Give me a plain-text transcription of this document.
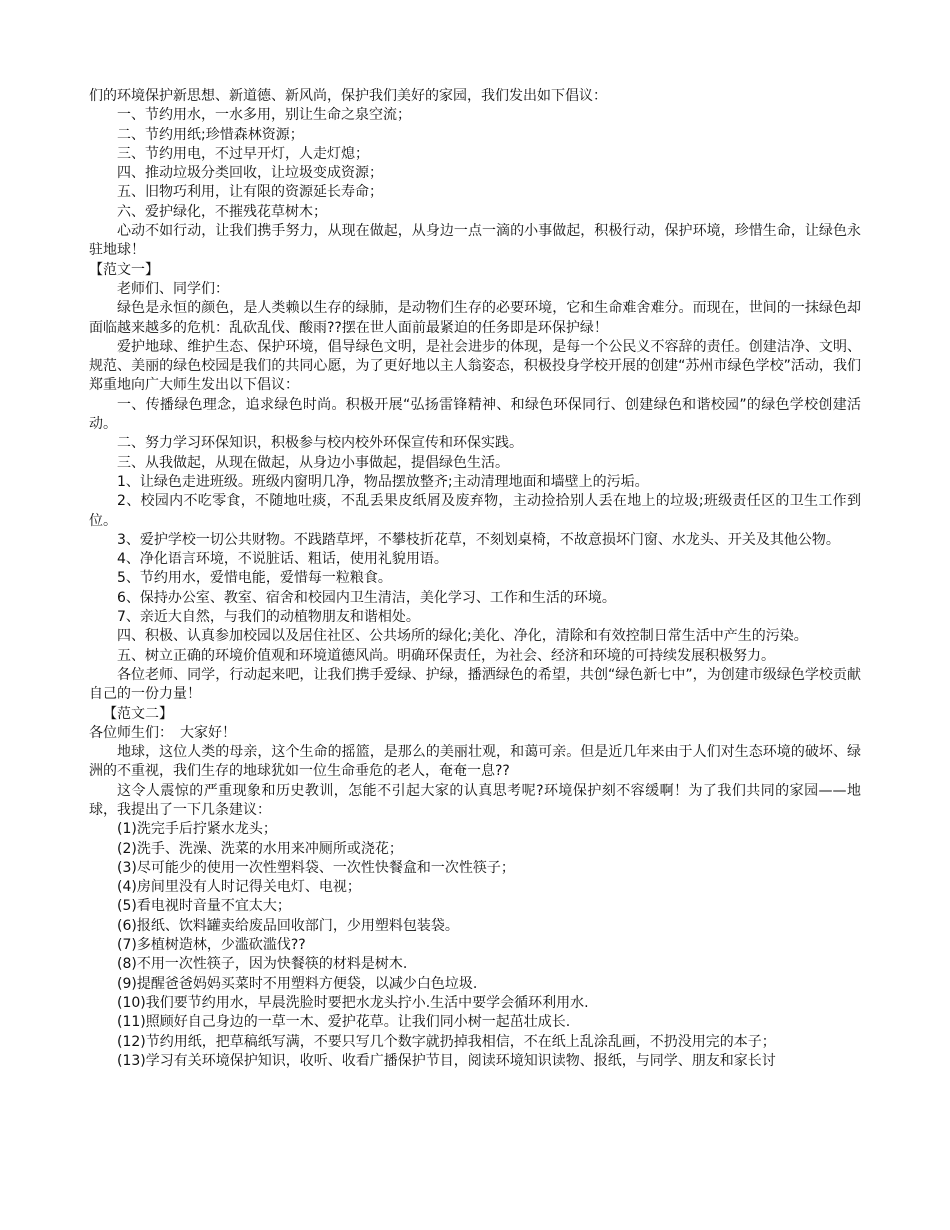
们的环境保护新思想、新道德、新风尚，保护我们美好的家园，我们发出如下倡议：

一、节约用水，一水多用，别让生命之泉空流；

二、节约用纸;珍惜森林资源；

三、节约用电，不过早开灯，人走灯熄；

四、推动垃圾分类回收，让垃圾变成资源；

五、旧物巧利用，让有限的资源延长寿命；

六、爱护绿化，不摧残花草树木；

心动不如行动，让我们携手努力，从现在做起，从身边一点一滴的小事做起，积极行动，保护环境，珍惜生命，让绿色永驻地球！

【范文一】

老师们、同学们：

绿色是永恒的颜色，是人类赖以生存的绿肺，是动物们生存的必要环境，它和生命难舍难分。而现在，世间的一抹绿色却面临越来越多的危机：乱砍乱伐、酸雨??摆在世人面前最紧迫的任务即是环保护绿！

爱护地球、维护生态、保护环境，倡导绿色文明，是社会进步的体现，是每一个公民义不容辞的责任。创建洁净、文明、规范、美丽的绿色校园是我们的共同心愿，为了更好地以主人翁姿态，积极投身学校开展的创建“苏州市绿色学校”活动，我们郑重地向广大师生发出以下倡议：

一、传播绿色理念，追求绿色时尚。积极开展“弘扬雷锋精神、和绿色环保同行、创建绿色和谐校园”的绿色学校创建活动。

二、努力学习环保知识，积极参与校内校外环保宣传和环保实践。

三、从我做起，从现在做起，从身边小事做起，提倡绿色生活。

1、让绿色走进班级。班级内窗明几净，物品摆放整齐;主动清理地面和墙壁上的污垢。

2、校园内不吃零食，不随地吐痰，不乱丢果皮纸屑及废弃物，主动捡拾别人丢在地上的垃圾;班级责任区的卫生工作到位。

3、爱护学校一切公共财物。不践踏草坪，不攀枝折花草，不刻划桌椅，不故意损坏门窗、水龙头、开关及其他公物。

4、净化语言环境，不说脏话、粗话，使用礼貌用语。

5、节约用水，爱惜电能，爱惜每一粒粮食。

6、保持办公室、教室、宿舍和校园内卫生清洁，美化学习、工作和生活的环境。

7、亲近大自然，与我们的动植物朋友和谐相处。

四、积极、认真参加校园以及居住社区、公共场所的绿化;美化、净化，清除和有效控制日常生活中产生的污染。

五、树立正确的环境价值观和环境道德风尚。明确环保责任，为社会、经济和环境的可持续发展积极努力。

各位老师、同学，行动起来吧，让我们携手爱绿、护绿，播洒绿色的希望，共创“绿色新七中”，为创建市级绿色学校贡献自己的一份力量！

【范文二】

各位师生们：　大家好！

地球，这位人类的母亲，这个生命的摇篮，是那么的美丽壮观，和蔼可亲。但是近几年来由于人们对生态环境的破坏、绿洲的不重视，我们生存的地球犹如一位生命垂危的老人，奄奄一息??

这令人震惊的严重现象和历史教训，怎能不引起大家的认真思考呢?环境保护刻不容缓啊！为了我们共同的家园——地球，我提出了一下几条建议：

(1)洗完手后拧紧水龙头；

(2)洗手、洗澡、洗菜的水用来冲厕所或浇花；

(3)尽可能少的使用一次性塑料袋、一次性快餐盒和一次性筷子；

(4)房间里没有人时记得关电灯、电视；

(5)看电视时音量不宜太大；

(6)报纸、饮料罐卖给废品回收部门，少用塑料包装袋。

(7)多植树造林，少滥砍滥伐??

(8)不用一次性筷子，因为快餐筷的材料是树木.

(9)提醒爸爸妈妈买菜时不用塑料方便袋，以减少白色垃圾.

(10)我们要节约用水，早晨洗脸时要把水龙头拧小.生活中要学会循环利用水.

(11)照顾好自己身边的一草一木、爱护花草。让我们同小树一起茁壮成长.

(12)节约用纸，把草稿纸写满，不要只写几个数字就扔掉我相信，不在纸上乱涂乱画，不扔没用完的本子；

(13)学习有关环境保护知识，收听、收看广播保护节目，阅读环境知识读物、报纸，与同学、朋友和家长讨
